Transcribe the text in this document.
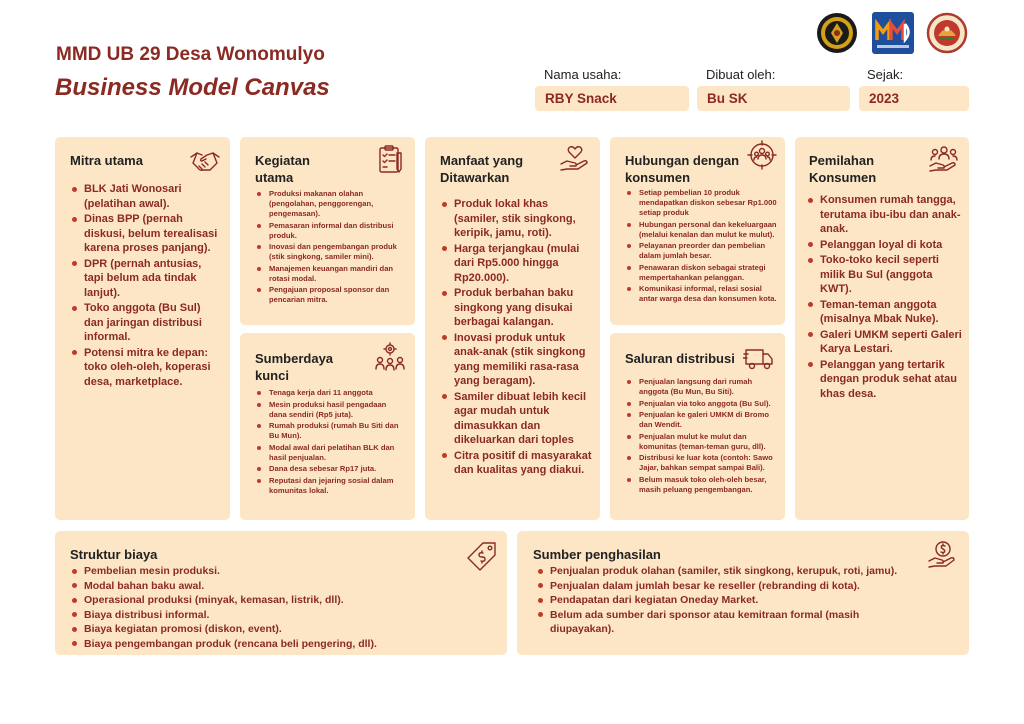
MMD UB 29 Desa Wonomulyo
Business Model Canvas	Nama usaha:
RBY Snack
Dibuat oleh:
Bu SK
Sejak:
2023
Mitra utama
BLK Jati Wonosari (pelatihan awal).
Dinas BPP (pernah diskusi, belum terealisasi karena proses panjang).
DPR (pernah antusias, tapi belum ada tindak lanjut).
Toko anggota (Bu Sul) dan jaringan distribusi informal.
Potensi mitra ke depan: toko oleh-oleh, koperasi desa, marketplace.
Kegiatan
utama
Produksi makanan olahan (pengolahan, penggorengan, pengemasan).
Pemasaran informal dan distribusi produk.
Inovasi dan pengembangan produk (stik singkong, samiler mini).
Manajemen keuangan mandiri dan rotasi modal.
Pengajuan proposal sponsor dan pencarian mitra.
Sumberdaya
kunci
Tenaga kerja dari 11 anggota
Mesin produksi hasil pengadaan dana sendiri (Rp5 juta).
Rumah produksi (rumah Bu Siti dan Bu Mun).
Modal awal dari pelatihan BLK dan hasil penjualan.
Dana desa sebesar Rp17 juta.
Reputasi dan jejaring sosial dalam komunitas lokal.
Manfaat yang
Ditawarkan
Produk lokal khas (samiler, stik singkong, keripik, jamu, roti).
Harga terjangkau (mulai dari Rp5.000 hingga Rp20.000).
Produk berbahan baku singkong yang disukai berbagai kalangan.
Inovasi produk untuk anak-anak (stik singkong yang memiliki rasa-rasa yang beragam).
Samiler dibuat lebih kecil agar mudah untuk dimasukkan dan dikeluarkan dari toples
Citra positif di masyarakat dan kualitas yang diakui.
Hubungan dengan
konsumen
Setiap pembelian 10 produk mendapatkan diskon sebesar Rp1.000 setiap produk
Hubungan personal dan kekeluargaan (melalui kenalan dan mulut ke mulut).
Pelayanan preorder dan pembelian dalam jumlah besar.
Penawaran diskon sebagai strategi mempertahankan pelanggan.
Komunikasi informal, relasi sosial antar warga desa dan konsumen kota.
Saluran distribusi
Penjualan langsung dari rumah anggota (Bu Mun, Bu Siti).
Penjualan via toko anggota (Bu Sul).
Penjualan ke galeri UMKM di Bromo dan Wendit.
Penjualan mulut ke mulut dan komunitas (teman-teman guru, dll).
Distribusi ke luar kota (contoh: Sawo Jajar, bahkan sempat sampai Bali).
Belum masuk toko oleh-oleh besar, masih peluang pengembangan.
Pemilahan
Konsumen
Konsumen rumah tangga, terutama ibu-ibu dan anak-anak.
Pelanggan loyal di kota
Toko-toko kecil seperti milik Bu Sul (anggota KWT).
Teman-teman anggota (misalnya Mbak Nuke).
Galeri UMKM seperti Galeri Karya Lestari.
Pelanggan yang tertarik dengan produk sehat atau khas desa.
Struktur biaya
Pembelian mesin produksi.
Modal bahan baku awal.
Operasional produksi (minyak, kemasan, listrik, dll).
Biaya distribusi informal.
Biaya kegiatan promosi (diskon, event).
Biaya pengembangan produk (rencana beli pengering, dll).
Sumber penghasilan
Penjualan produk olahan (samiler, stik singkong, kerupuk, roti, jamu).
Penjualan dalam jumlah besar ke reseller (rebranding di kota).
Pendapatan dari kegiatan Oneday Market.
Belum ada sumber dari sponsor atau kemitraan formal (masih diupayakan).
